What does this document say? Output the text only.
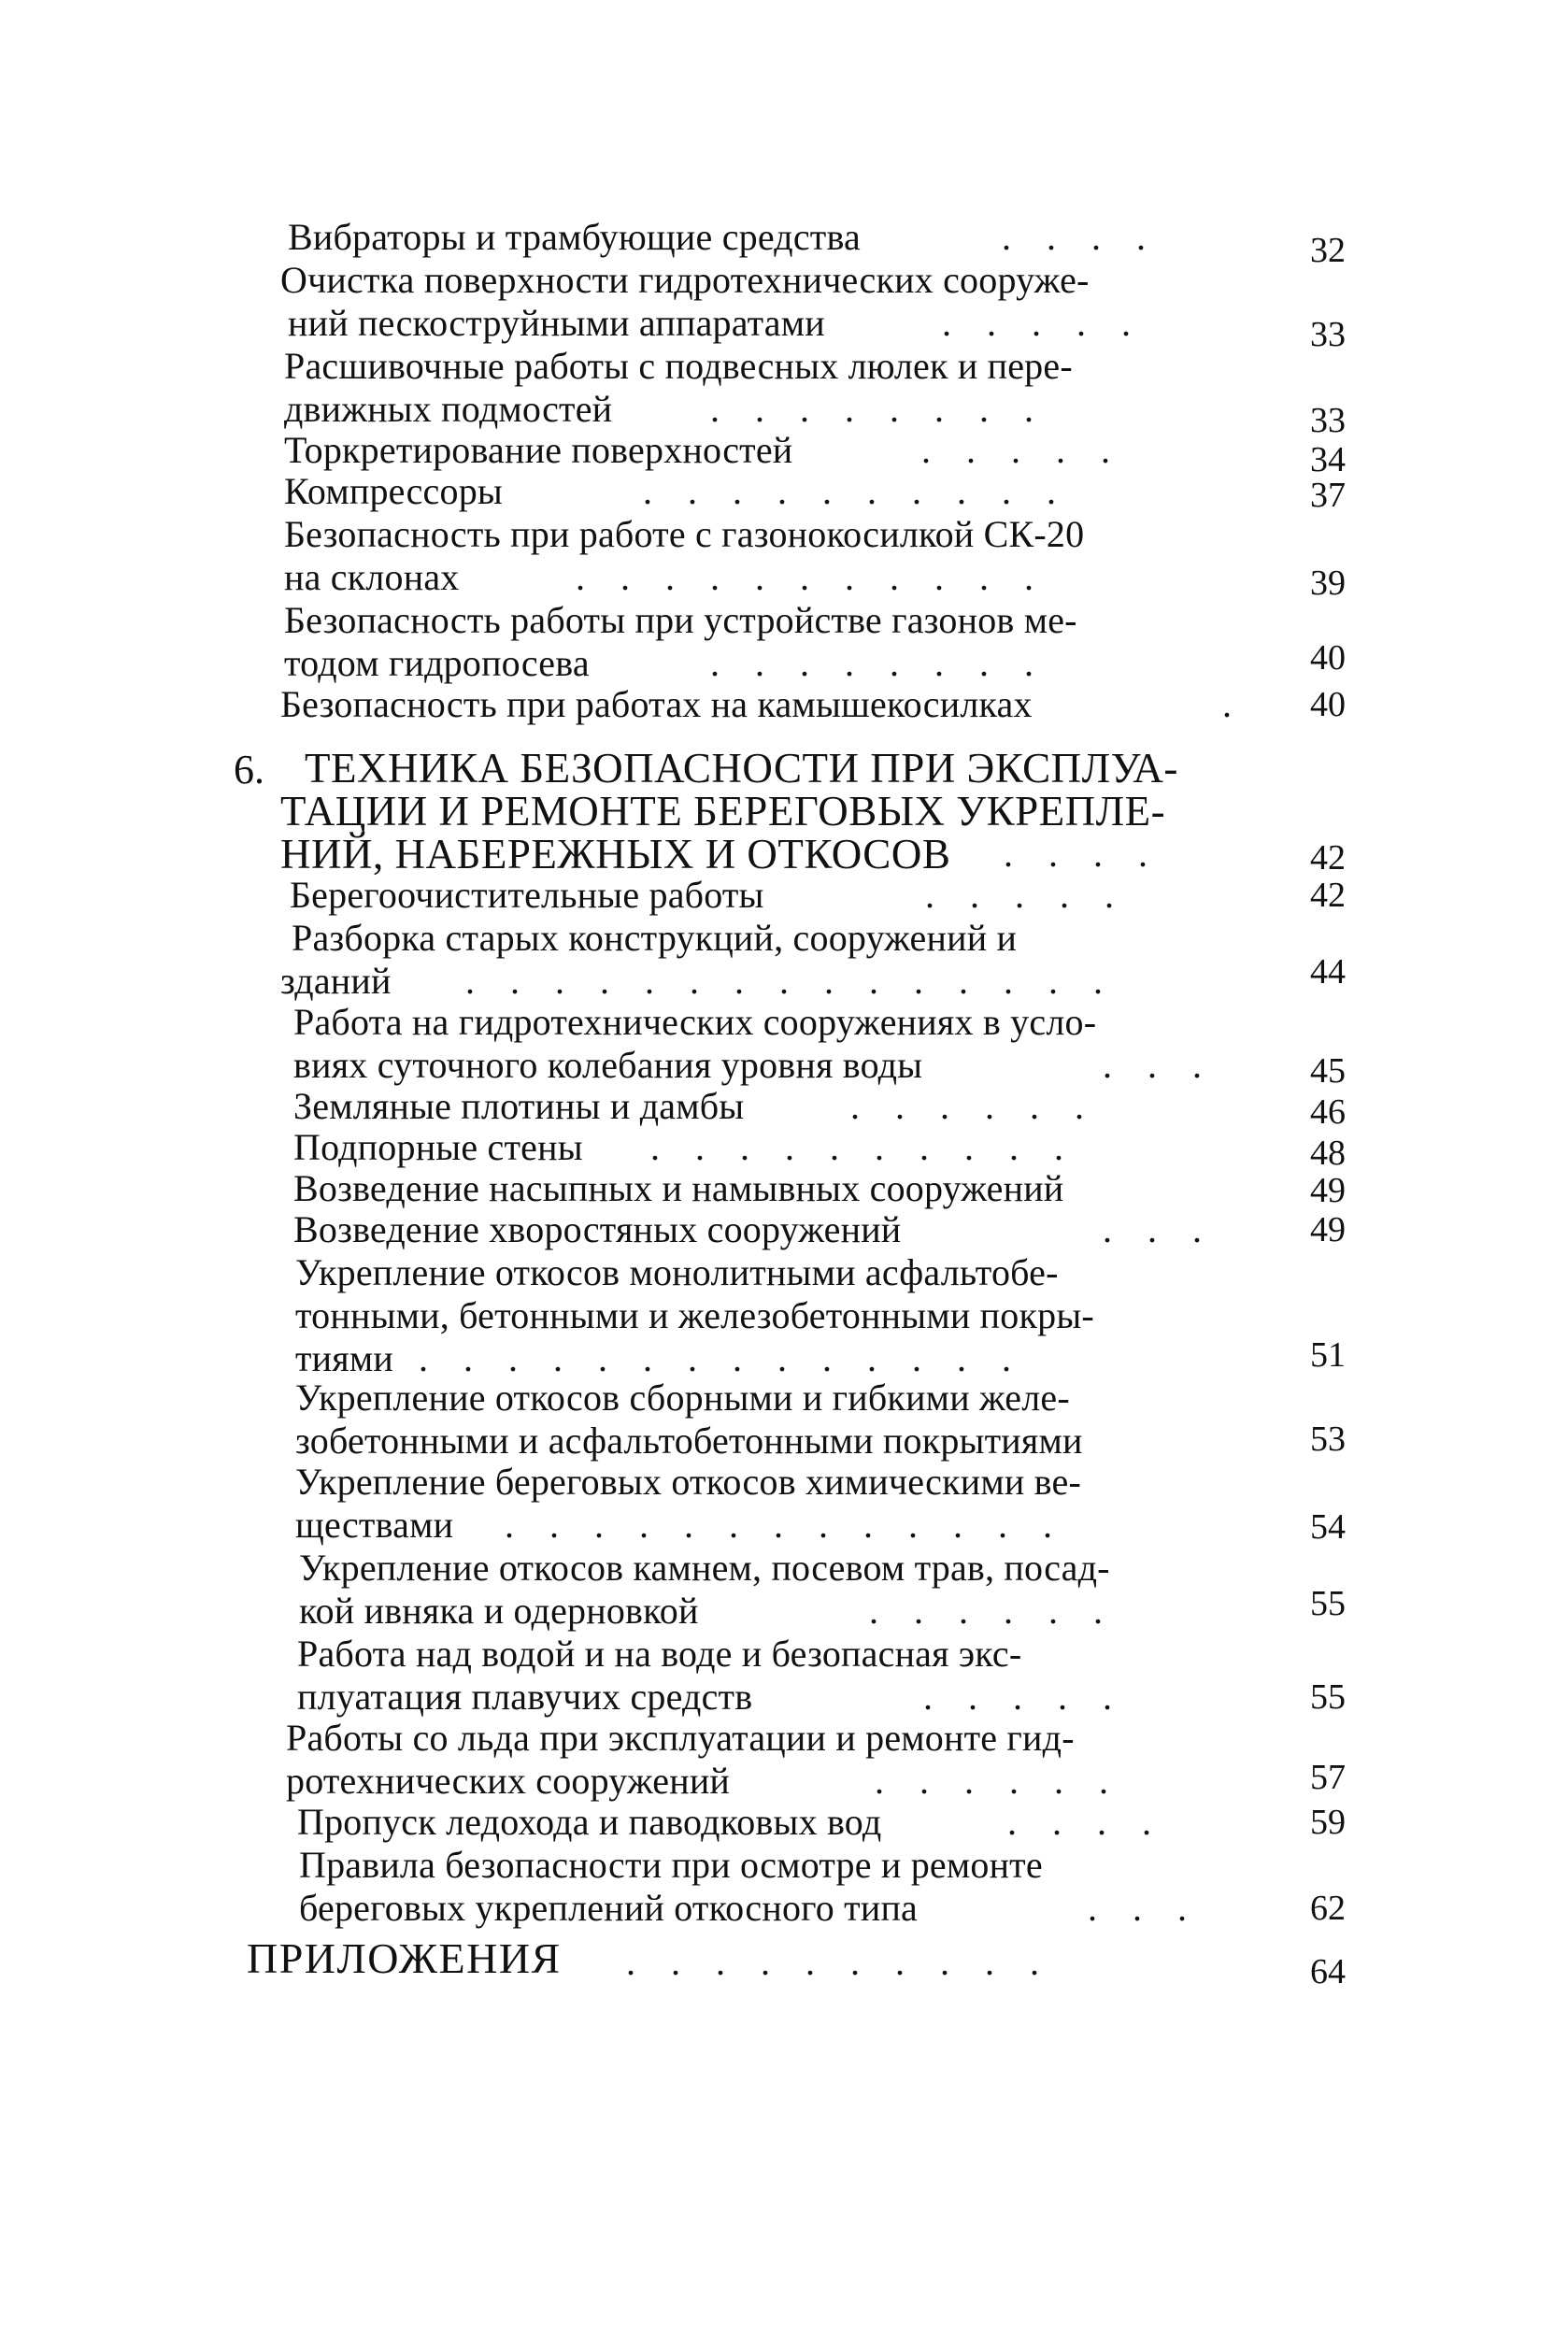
Вибраторы и трамбующие средства	. . . .	32
Очистка поверхности гидротехнических сооруже-
ний пескоструйными аппаратами	. . . . .	33
Расшивочные работы с подвесных люлек и пере-
движных подмостей	. . . . . . . .	33
Торкретирование поверхностей	. . . . .	34
Компрессоры	. . . . . . . . . .	37
Безопасность при работе с газонокосилкой СК-20
на склонах	. . . . . . . . . . .	39
Безопасность работы при устройстве газонов ме-
тодом гидропосева	. . . . . . . .	40
Безопасность при работах на камышекосилках	.	40
6. ТЕХНИКА БЕЗОПАСНОСТИ ПРИ ЭКСПЛУА-
ТАЦИИ И РЕМОНТЕ БЕРЕГОВЫХ УКРЕПЛЕ-
НИЙ, НАБЕРЕЖНЫХ И ОТКОСОВ . . . .	42
Берегоочистительные работы	. . . . .	42
Разборка старых конструкций, сооружений и
зданий . . . . . . . . . . . . . . .	44
Работа на гидротехнических сооружениях в усло-
виях суточного колебания уровня воды	. . .	45
Земляные плотины и дамбы	. . . . . .	46
Подпорные стены . . . . . . . . . .	48
Возведение насыпных и намывных сооружений	49
Возведение хворостяных сооружений	. . .	49
Укрепление откосов монолитными асфальтобе-
тонными, бетонными и железобетонными покры-
тиями . . . . . . . . . . . . . .	51
Укрепление откосов сборными и гибкими желе-
зобетонными и асфальтобетонными покрытиями	53
Укрепление береговых откосов химическими ве-
ществами . . . . . . . . . . . . .	54
Укрепление откосов камнем, посевом трав, посад-
кой ивняка и одерновкой	. . . . . .	55
Работа над водой и на воде и безопасная экс-
плуатация плавучих средств	. . . . .	55
Работы со льда при эксплуатации и ремонте гид-
ротехнических сооружений	. . . . . .	57
Пропуск ледохода и паводковых вод	. . . .	59
Правила безопасности при осмотре и ремонте
береговых укреплений откосного типа	. . .	62
ПРИЛОЖЕНИЯ . . . . . . . . . .	64
